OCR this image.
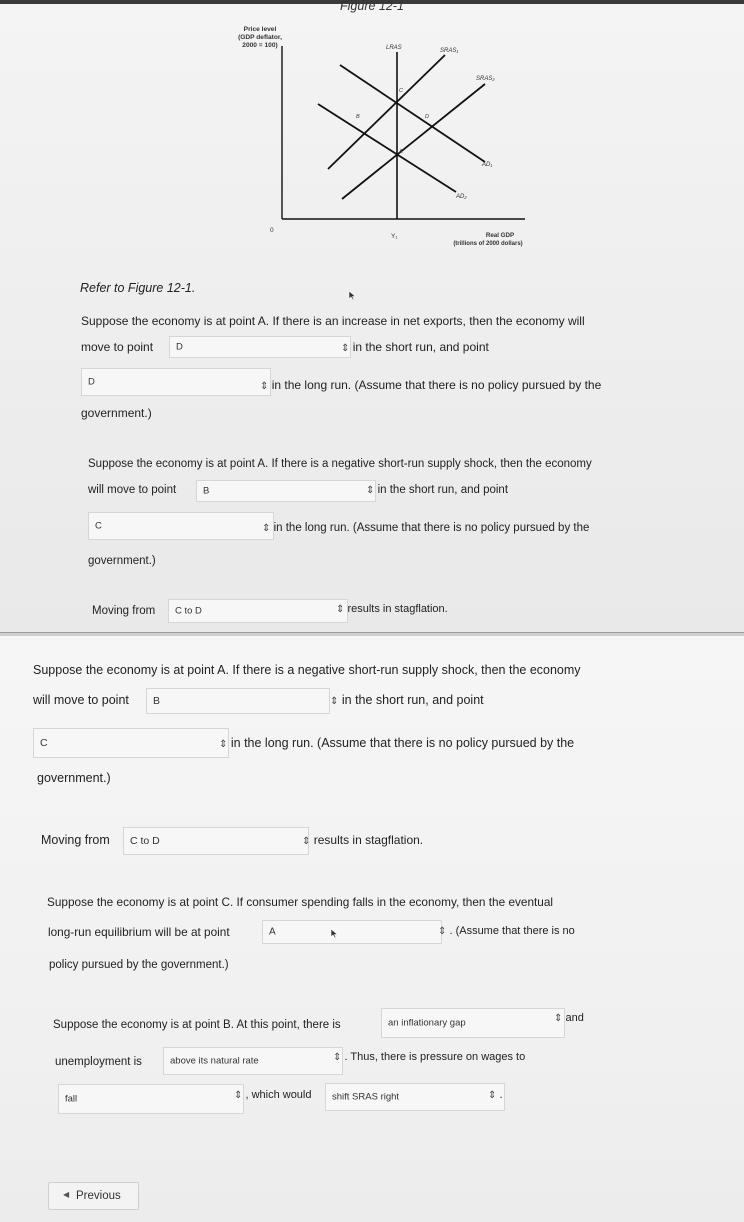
Figure 12-1
Price level
(GDP deflator,
2000 = 100)
0
LRAS	SRAS₁
SRAS₂
AD₁
AD₂
A
B
C
D
Y₁	Real GDP
(trillions of 2000 dollars)
Refer to Figure 12-1.
Suppose the economy is at point A. If there is an increase in net exports, then the economy will
move to point D	⇕ in the short run, and point
D	⇕ in the long run. (Assume that there is no policy pursued by the
government.)
Suppose the economy is at point A. If there is a negative short-run supply shock, then the economy
will move to point	B	⇕ in the short run, and point
C	⇕ in the long run. (Assume that there is no policy pursued by the
government.)
Moving from C to D	⇕ results in stagflation.
Suppose the economy is at point A. If there is a negative short-run supply shock, then the economy
will move to point B	⇕ in the short run, and point
C	⇕ in the long run. (Assume that there is no policy pursued by the
government.)
Moving from C to D	⇕ results in stagflation.
Suppose the economy is at point C. If consumer spending falls in the economy, then the eventual
long-run equilibrium will be at point	A	⇕ . (Assume that there is no
policy pursued by the government.)
Suppose the economy is at point B. At this point, there is	an inflationary gap	⇕ and
unemployment is	above its natural rate	⇕ . Thus, there is pressure on wages to
fall	⇕ , which would shift SRAS right	⇕ .
◀ Previous
